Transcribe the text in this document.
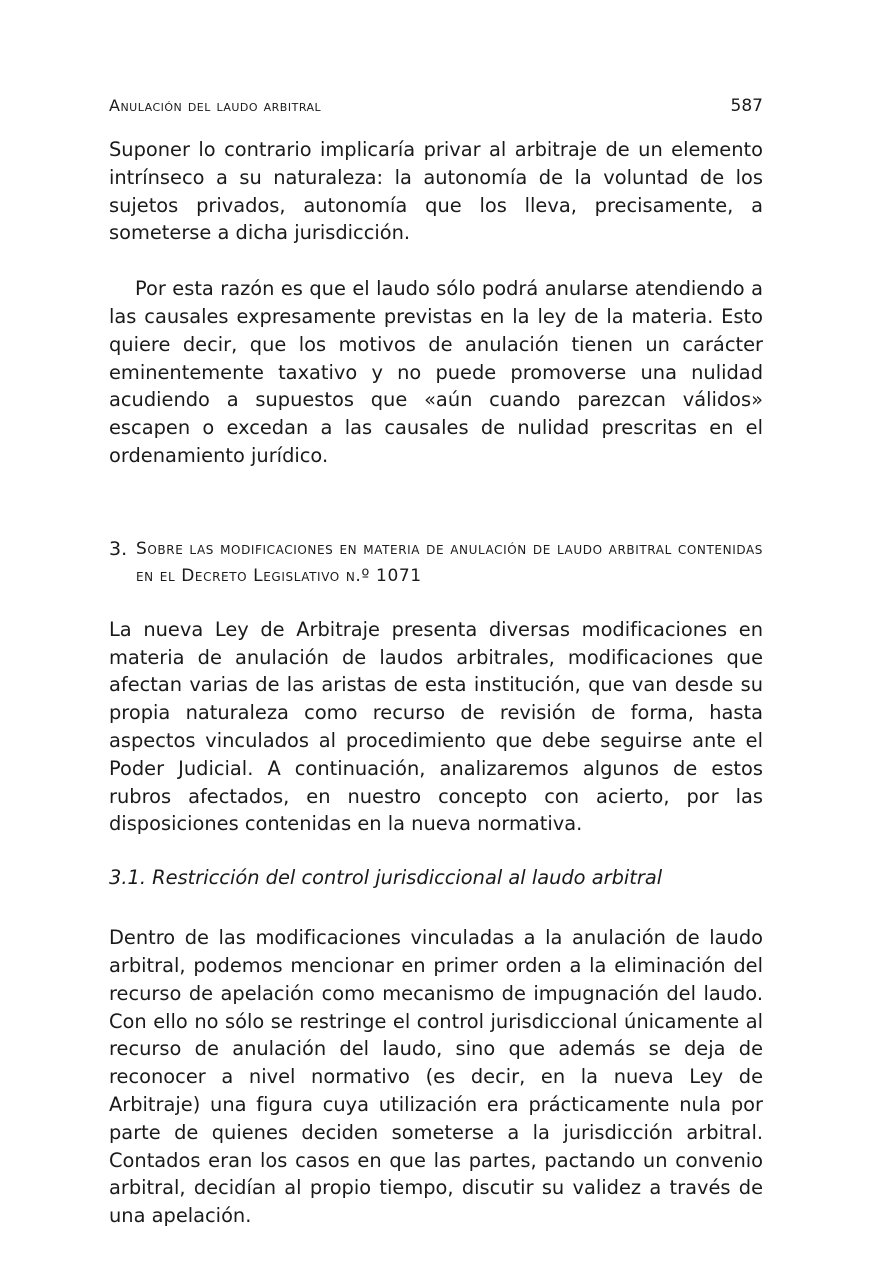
Anulación del laudo arbitral	587

Suponer lo contrario implicaría privar al arbitraje de un elemento intrínseco a su naturaleza: la autonomía de la voluntad de los sujetos privados, autonomía que los lleva, precisamente, a someterse a dicha jurisdicción.

Por esta razón es que el laudo sólo podrá anularse atendiendo a las causales expresamente previstas en la ley de la materia. Esto quiere decir, que los motivos de anulación tienen un carácter eminentemente taxativo y no puede promoverse una nulidad acudiendo a supuestos que «aún cuando parezcan válidos» escapen o excedan a las causales de nulidad prescritas en el ordenamiento jurídico.

3. Sobre las modificaciones en materia de anulación de laudo arbitral contenidas en el Decreto Legislativo n.º 1071

La nueva Ley de Arbitraje presenta diversas modificaciones en materia de anulación de laudos arbitrales, modificaciones que afectan varias de las aristas de esta institución, que van desde su propia naturaleza como recurso de revisión de forma, hasta aspectos vinculados al procedimiento que debe seguirse ante el Poder Judicial. A continuación, analizaremos algunos de estos rubros afectados, en nuestro concepto con acierto, por las disposiciones contenidas en la nueva normativa.

3.1. Restricción del control jurisdiccional al laudo arbitral

Dentro de las modificaciones vinculadas a la anulación de laudo arbitral, podemos mencionar en primer orden a la eliminación del recurso de apelación como mecanismo de impugnación del laudo. Con ello no sólo se restringe el control jurisdiccional únicamente al recurso de anulación del laudo, sino que además se deja de reconocer a nivel normativo (es decir, en la nueva Ley de Arbitraje) una figura cuya utilización era prácticamente nula por parte de quienes deciden someterse a la jurisdicción arbitral. Contados eran los casos en que las partes, pactando un convenio arbitral, decidían al propio tiempo, discutir su validez a través de una apelación.
